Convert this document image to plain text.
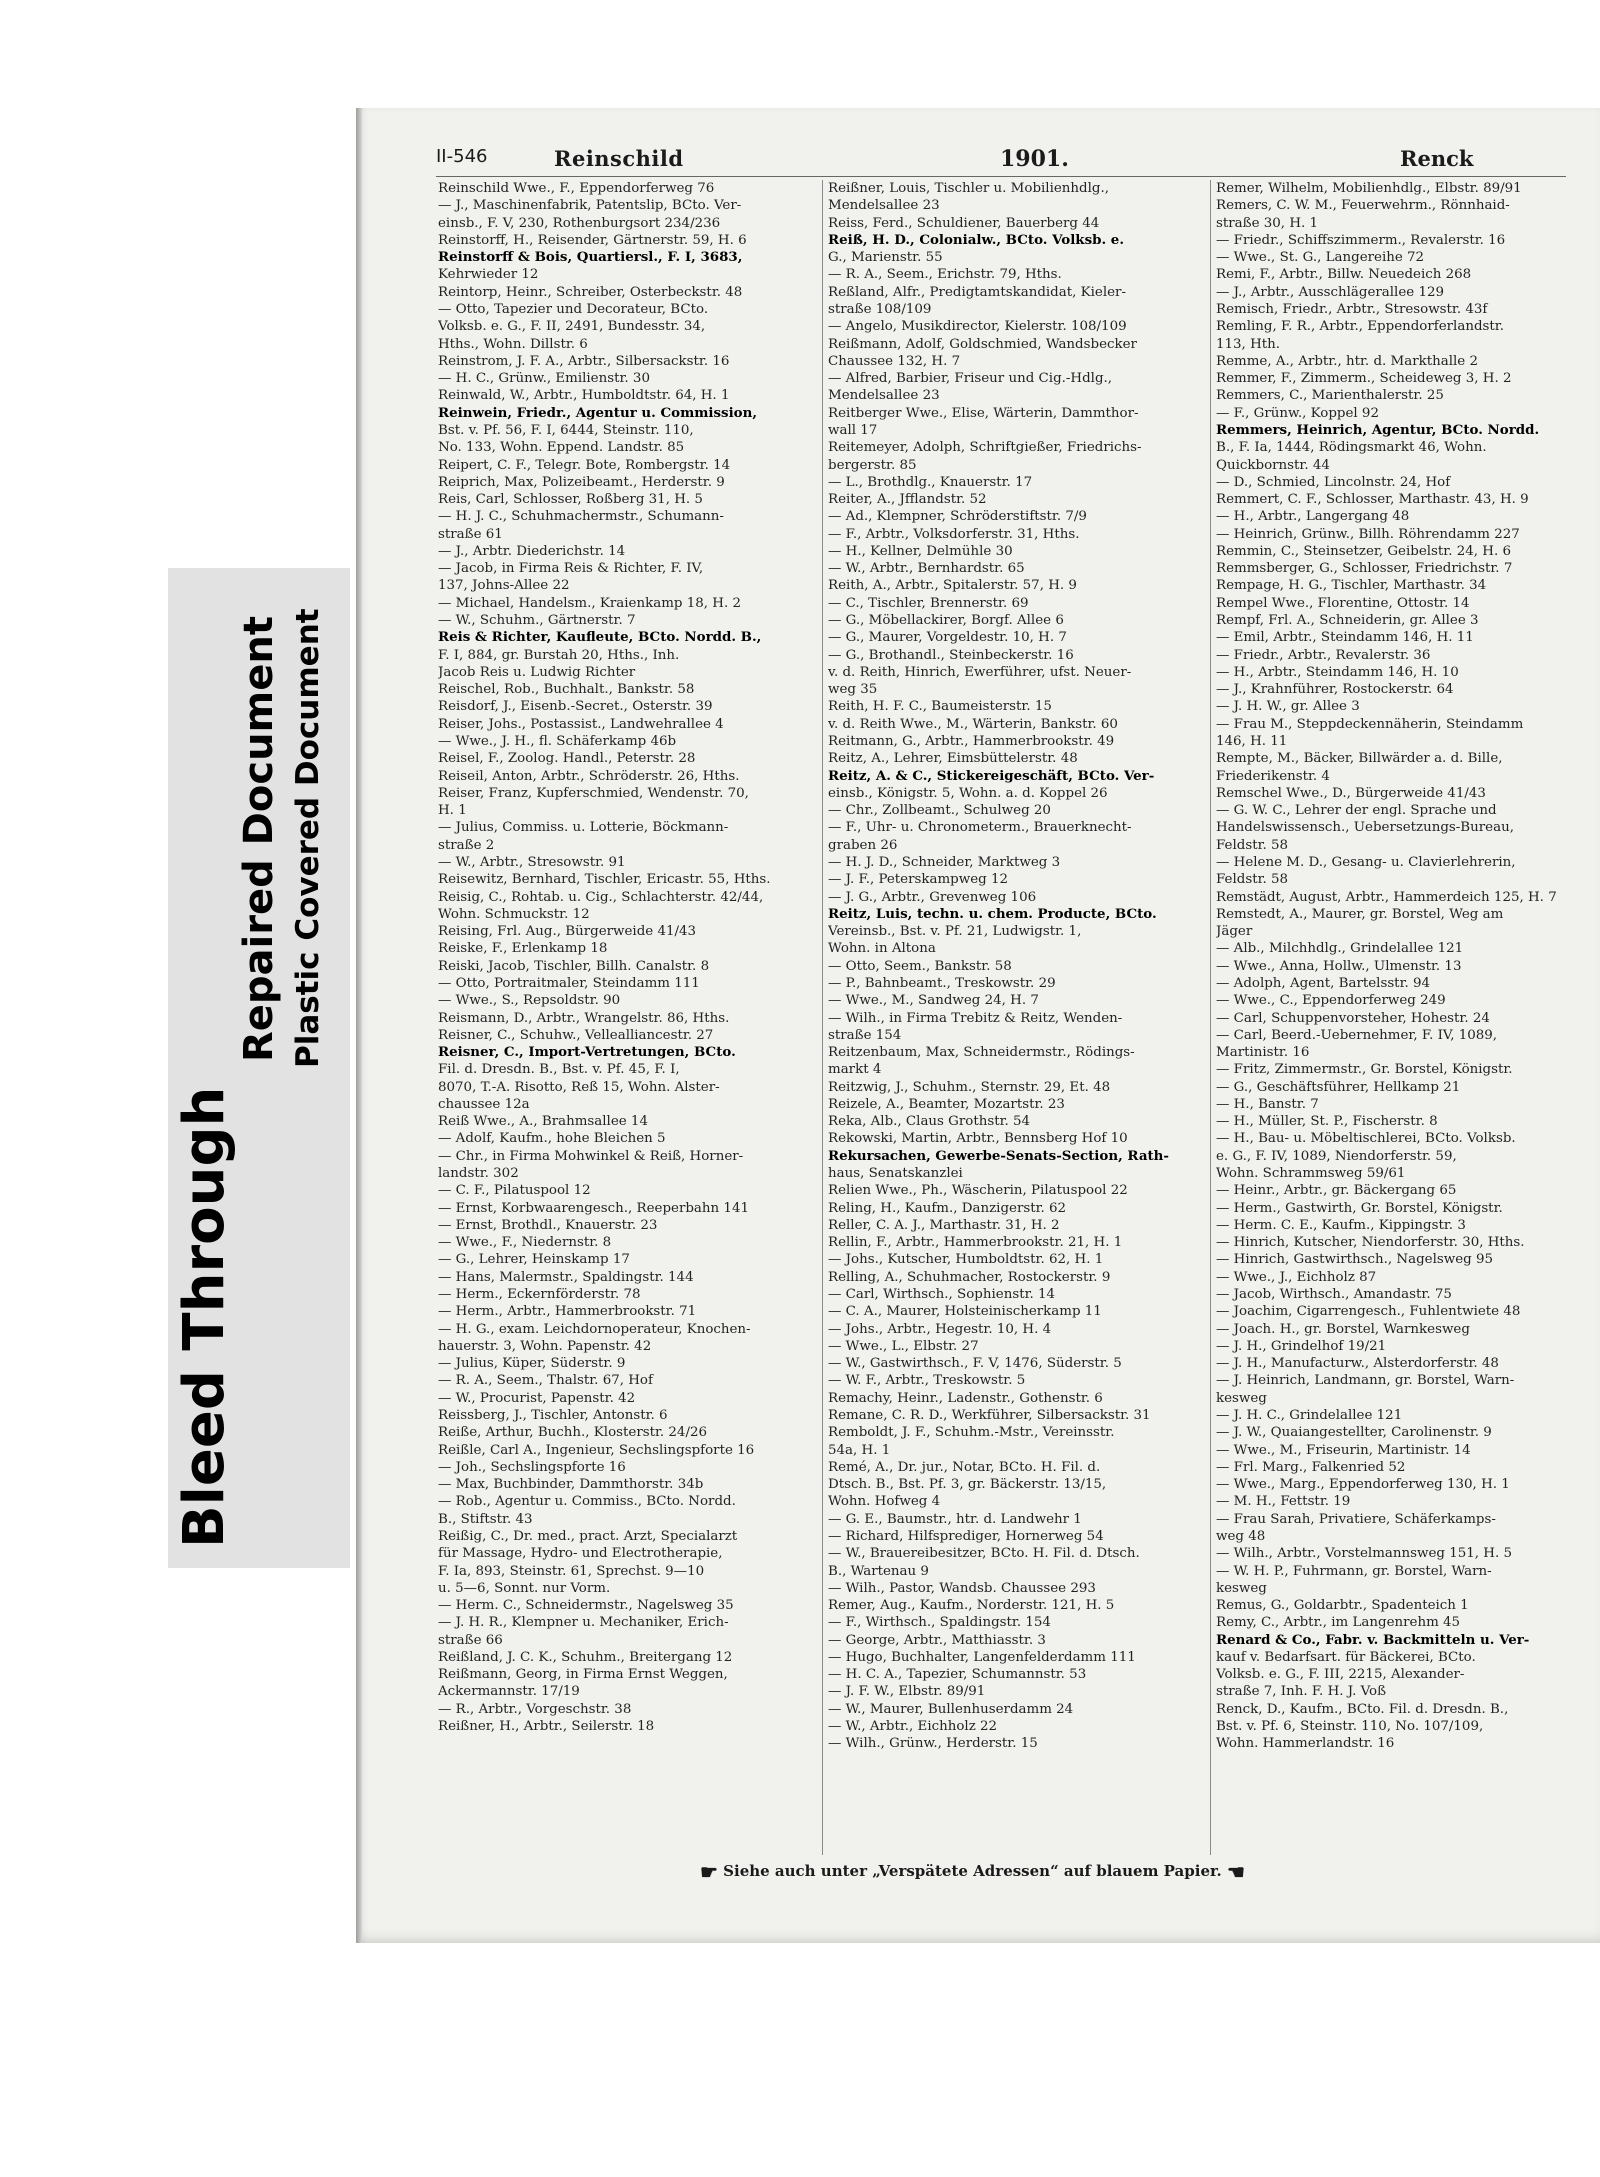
Bleed Through
Repaired Document Plastic Covered Document
II-546	Reinschild	1901.	Renck

Reinschild Wwe., F., Eppendorferweg 76

— J., Maschinenfabrik, Patentslip, BCto. Ver-

einsb., F. V, 230, Rothenburgsort 234/236

Reinstorff, H., Reisender, Gärtnerstr. 59, H. 6

Reinstorff & Bois, Quartiersl., F. I, 3683,

Kehrwieder 12

Reintorp, Heinr., Schreiber, Osterbeckstr. 48

— Otto, Tapezier und Decorateur, BCto.

Volksb. e. G., F. II, 2491, Bundesstr. 34,

Hths., Wohn. Dillstr. 6

Reinstrom, J. F. A., Arbtr., Silbersackstr. 16

— H. C., Grünw., Emilienstr. 30

Reinwald, W., Arbtr., Humboldtstr. 64, H. 1

Reinwein, Friedr., Agentur u. Commission,

Bst. v. Pf. 56, F. I, 6444, Steinstr. 110,

No. 133, Wohn. Eppend. Landstr. 85

Reipert, C. F., Telegr. Bote, Rombergstr. 14

Reiprich, Max, Polizeibeamt., Herderstr. 9

Reis, Carl, Schlosser, Roßberg 31, H. 5

— H. J. C., Schuhmachermstr., Schumann-

straße 61

— J., Arbtr. Diederichstr. 14

— Jacob, in Firma Reis & Richter, F. IV,

137, Johns-Allee 22

— Michael, Handelsm., Kraienkamp 18, H. 2

— W., Schuhm., Gärtnerstr. 7

Reis & Richter, Kaufleute, BCto. Nordd. B.,

F. I, 884, gr. Burstah 20, Hths., Inh.

Jacob Reis u. Ludwig Richter

Reischel, Rob., Buchhalt., Bankstr. 58

Reisdorf, J., Eisenb.-Secret., Osterstr. 39

Reiser, Johs., Postassist., Landwehrallee 4

— Wwe., J. H., fl. Schäferkamp 46b

Reisel, F., Zoolog. Handl., Peterstr. 28

Reiseil, Anton, Arbtr., Schröderstr. 26, Hths.

Reiser, Franz, Kupferschmied, Wendenstr. 70,

H. 1

— Julius, Commiss. u. Lotterie, Böckmann-

straße 2

— W., Arbtr., Stresowstr. 91

Reisewitz, Bernhard, Tischler, Ericastr. 55, Hths.

Reisig, C., Rohtab. u. Cig., Schlachterstr. 42/44,

Wohn. Schmuckstr. 12

Reising, Frl. Aug., Bürgerweide 41/43

Reiske, F., Erlenkamp 18

Reiski, Jacob, Tischler, Billh. Canalstr. 8

— Otto, Portraitmaler, Steindamm 111

— Wwe., S., Repsoldstr. 90

Reismann, D., Arbtr., Wrangelstr. 86, Hths.

Reisner, C., Schuhw., Vellealliancestr. 27

Reisner, C., Import-Vertretungen, BCto.

Fil. d. Dresdn. B., Bst. v. Pf. 45, F. I,

8070, T.-A. Risotto, Reß 15, Wohn. Alster-

chaussee 12a

Reiß Wwe., A., Brahmsallee 14

— Adolf, Kaufm., hohe Bleichen 5

— Chr., in Firma Mohwinkel & Reiß, Horner-

landstr. 302

— C. F., Pilatuspool 12

— Ernst, Korbwaarengesch., Reeperbahn 141

— Ernst, Brothdl., Knauerstr. 23

— Wwe., F., Niedernstr. 8

— G., Lehrer, Heinskamp 17

— Hans, Malermstr., Spaldingstr. 144

— Herm., Eckernförderstr. 78

— Herm., Arbtr., Hammerbrookstr. 71

— H. G., exam. Leichdornoperateur, Knochen-

hauerstr. 3, Wohn. Papenstr. 42

— Julius, Küper, Süderstr. 9

— R. A., Seem., Thalstr. 67, Hof

— W., Procurist, Papenstr. 42

Reissberg, J., Tischler, Antonstr. 6

Reiße, Arthur, Buchh., Klosterstr. 24/26

Reißle, Carl A., Ingenieur, Sechslingspforte 16

— Joh., Sechslingspforte 16

— Max, Buchbinder, Dammthorstr. 34b

— Rob., Agentur u. Commiss., BCto. Nordd.

B., Stiftstr. 43

Reißig, C., Dr. med., pract. Arzt, Specialarzt

für Massage, Hydro- und Electrotherapie,

F. Ia, 893, Steinstr. 61, Sprechst. 9—10

u. 5—6, Sonnt. nur Vorm.

— Herm. C., Schneidermstr., Nagelsweg 35

— J. H. R., Klempner u. Mechaniker, Erich-

straße 66

Reißland, J. C. K., Schuhm., Breitergang 12

Reißmann, Georg, in Firma Ernst Weggen,

Ackermannstr. 17/19

— R., Arbtr., Vorgeschstr. 38

Reißner, H., Arbtr., Seilerstr. 18

Reißner, Louis, Tischler u. Mobilienhdlg.,

Mendelsallee 23

Reiss, Ferd., Schuldiener, Bauerberg 44

Reiß, H. D., Colonialw., BCto. Volksb. e.

G., Marienstr. 55

— R. A., Seem., Erichstr. 79, Hths.

Reßland, Alfr., Predigtamtskandidat, Kieler-

straße 108/109

— Angelo, Musikdirector, Kielerstr. 108/109

Reißmann, Adolf, Goldschmied, Wandsbecker

Chaussee 132, H. 7

— Alfred, Barbier, Friseur und Cig.-Hdlg.,

Mendelsallee 23

Reitberger Wwe., Elise, Wärterin, Dammthor-

wall 17

Reitemeyer, Adolph, Schriftgießer, Friedrichs-

bergerstr. 85

— L., Brothdlg., Knauerstr. 17

Reiter, A., Jfflandstr. 52

— Ad., Klempner, Schröderstiftstr. 7/9

— F., Arbtr., Volksdorferstr. 31, Hths.

— H., Kellner, Delmühle 30

— W., Arbtr., Bernhardstr. 65

Reith, A., Arbtr., Spitalerstr. 57, H. 9

— C., Tischler, Brennerstr. 69

— G., Möbellackirer, Borgf. Allee 6

— G., Maurer, Vorgeldestr. 10, H. 7

— G., Brothandl., Steinbeckerstr. 16

v. d. Reith, Hinrich, Ewerführer, ufst. Neuer-

weg 35

Reith, H. F. C., Baumeisterstr. 15

v. d. Reith Wwe., M., Wärterin, Bankstr. 60

Reitmann, G., Arbtr., Hammerbrookstr. 49

Reitz, A., Lehrer, Eimsbüttelerstr. 48

Reitz, A. & C., Stickereigeschäft, BCto. Ver-

einsb., Königstr. 5, Wohn. a. d. Koppel 26

— Chr., Zollbeamt., Schulweg 20

— F., Uhr- u. Chronometerm., Brauerknecht-

graben 26

— H. J. D., Schneider, Marktweg 3

— J. F., Peterskampweg 12

— J. G., Arbtr., Grevenweg 106

Reitz, Luis, techn. u. chem. Producte, BCto.

Vereinsb., Bst. v. Pf. 21, Ludwigstr. 1,

Wohn. in Altona

— Otto, Seem., Bankstr. 58

— P., Bahnbeamt., Treskowstr. 29

— Wwe., M., Sandweg 24, H. 7

— Wilh., in Firma Trebitz & Reitz, Wenden-

straße 154

Reitzenbaum, Max, Schneidermstr., Rödings-

markt 4

Reitzwig, J., Schuhm., Sternstr. 29, Et. 48

Reizele, A., Beamter, Mozartstr. 23

Reka, Alb., Claus Grothstr. 54

Rekowski, Martin, Arbtr., Bennsberg Hof 10

Rekursachen, Gewerbe-Senats-Section, Rath-

haus, Senatskanzlei

Relien Wwe., Ph., Wäscherin, Pilatuspool 22

Reling, H., Kaufm., Danzigerstr. 62

Reller, C. A. J., Marthastr. 31, H. 2

Rellin, F., Arbtr., Hammerbrookstr. 21, H. 1

— Johs., Kutscher, Humboldtstr. 62, H. 1

Relling, A., Schuhmacher, Rostockerstr. 9

— Carl, Wirthsch., Sophienstr. 14

— C. A., Maurer, Holsteinischerkamp 11

— Johs., Arbtr., Hegestr. 10, H. 4

— Wwe., L., Elbstr. 27

— W., Gastwirthsch., F. V, 1476, Süderstr. 5

— W. F., Arbtr., Treskowstr. 5

Remachy, Heinr., Ladenstr., Gothenstr. 6

Remane, C. R. D., Werkführer, Silbersackstr. 31

Remboldt, J. F., Schuhm.-Mstr., Vereinsstr.

54a, H. 1

Remé, A., Dr. jur., Notar, BCto. H. Fil. d.

Dtsch. B., Bst. Pf. 3, gr. Bäckerstr. 13/15,

Wohn. Hofweg 4

— G. E., Baumstr., htr. d. Landwehr 1

— Richard, Hilfsprediger, Hornerweg 54

— W., Brauereibesitzer, BCto. H. Fil. d. Dtsch.

B., Wartenau 9

— Wilh., Pastor, Wandsb. Chaussee 293

Remer, Aug., Kaufm., Norderstr. 121, H. 5

— F., Wirthsch., Spaldingstr. 154

— George, Arbtr., Matthiasstr. 3

— Hugo, Buchhalter, Langenfelderdamm 111

— H. C. A., Tapezier, Schumannstr. 53

— J. F. W., Elbstr. 89/91

— W., Maurer, Bullenhuserdamm 24

— W., Arbtr., Eichholz 22

— Wilh., Grünw., Herderstr. 15

Remer, Wilhelm, Mobilienhdlg., Elbstr. 89/91

Remers, C. W. M., Feuerwehrm., Rönnhaid-

straße 30, H. 1

— Friedr., Schiffszimmerm., Revalerstr. 16

— Wwe., St. G., Langereihe 72

Remi, F., Arbtr., Billw. Neuedeich 268

— J., Arbtr., Ausschlägerallee 129

Remisch, Friedr., Arbtr., Stresowstr. 43f

Remling, F. R., Arbtr., Eppendorferlandstr.

113, Hth.

Remme, A., Arbtr., htr. d. Markthalle 2

Remmer, F., Zimmerm., Scheideweg 3, H. 2

Remmers, C., Marienthalerstr. 25

— F., Grünw., Koppel 92

Remmers, Heinrich, Agentur, BCto. Nordd.

B., F. Ia, 1444, Rödingsmarkt 46, Wohn.

Quickbornstr. 44

— D., Schmied, Lincolnstr. 24, Hof

Remmert, C. F., Schlosser, Marthastr. 43, H. 9

— H., Arbtr., Langergang 48

— Heinrich, Grünw., Billh. Röhrendamm 227

Remmin, C., Steinsetzer, Geibelstr. 24, H. 6

Remmsberger, G., Schlosser, Friedrichstr. 7

Rempage, H. G., Tischler, Marthastr. 34

Rempel Wwe., Florentine, Ottostr. 14

Rempf, Frl. A., Schneiderin, gr. Allee 3

— Emil, Arbtr., Steindamm 146, H. 11

— Friedr., Arbtr., Revalerstr. 36

— H., Arbtr., Steindamm 146, H. 10

— J., Krahnführer, Rostockerstr. 64

— J. H. W., gr. Allee 3

— Frau M., Steppdeckennäherin, Steindamm

146, H. 11

Rempte, M., Bäcker, Billwärder a. d. Bille,

Friederikenstr. 4

Remschel Wwe., D., Bürgerweide 41/43

— G. W. C., Lehrer der engl. Sprache und

Handelswissensch., Uebersetzungs-Bureau,

Feldstr. 58

— Helene M. D., Gesang- u. Clavierlehrerin,

Feldstr. 58

Remstädt, August, Arbtr., Hammerdeich 125, H. 7

Remstedt, A., Maurer, gr. Borstel, Weg am

Jäger

— Alb., Milchhdlg., Grindelallee 121

— Wwe., Anna, Hollw., Ulmenstr. 13

— Adolph, Agent, Bartelsstr. 94

— Wwe., C., Eppendorferweg 249

— Carl, Schuppenvorsteher, Hohestr. 24

— Carl, Beerd.-Uebernehmer, F. IV, 1089,

Martinistr. 16

— Fritz, Zimmermstr., Gr. Borstel, Königstr.

— G., Geschäftsführer, Hellkamp 21

— H., Banstr. 7

— H., Müller, St. P., Fischerstr. 8

— H., Bau- u. Möbeltischlerei, BCto. Volksb.

e. G., F. IV, 1089, Niendorferstr. 59,

Wohn. Schrammsweg 59/61

— Heinr., Arbtr., gr. Bäckergang 65

— Herm., Gastwirth, Gr. Borstel, Königstr.

— Herm. C. E., Kaufm., Kippingstr. 3

— Hinrich, Kutscher, Niendorferstr. 30, Hths.

— Hinrich, Gastwirthsch., Nagelsweg 95

— Wwe., J., Eichholz 87

— Jacob, Wirthsch., Amandastr. 75

— Joachim, Cigarrengesch., Fuhlentwiete 48

— Joach. H., gr. Borstel, Warnkesweg

— J. H., Grindelhof 19/21

— J. H., Manufacturw., Alsterdorferstr. 48

— J. Heinrich, Landmann, gr. Borstel, Warn-

kesweg

— J. H. C., Grindelallee 121

— J. W., Quaiangestellter, Carolinenstr. 9

— Wwe., M., Friseurin, Martinistr. 14

— Frl. Marg., Falkenried 52

— Wwe., Marg., Eppendorferweg 130, H. 1

— M. H., Fettstr. 19

— Frau Sarah, Privatiere, Schäferkamps-

weg 48

— Wilh., Arbtr., Vorstelmannsweg 151, H. 5

— W. H. P., Fuhrmann, gr. Borstel, Warn-

kesweg

Remus, G., Goldarbtr., Spadenteich 1

Remy, C., Arbtr., im Langenrehm 45

Renard & Co., Fabr. v. Backmitteln u. Ver-

kauf v. Bedarfsart. für Bäckerei, BCto.

Volksb. e. G., F. III, 2215, Alexander-

straße 7, Inh. F. H. J. Voß

Renck, D., Kaufm., BCto. Fil. d. Dresdn. B.,

Bst. v. Pf. 6, Steinstr. 110, No. 107/109,

Wohn. Hammerlandstr. 16

☛ Siehe auch unter „Verspätete Adressen“ auf blauem Papier. ☚
